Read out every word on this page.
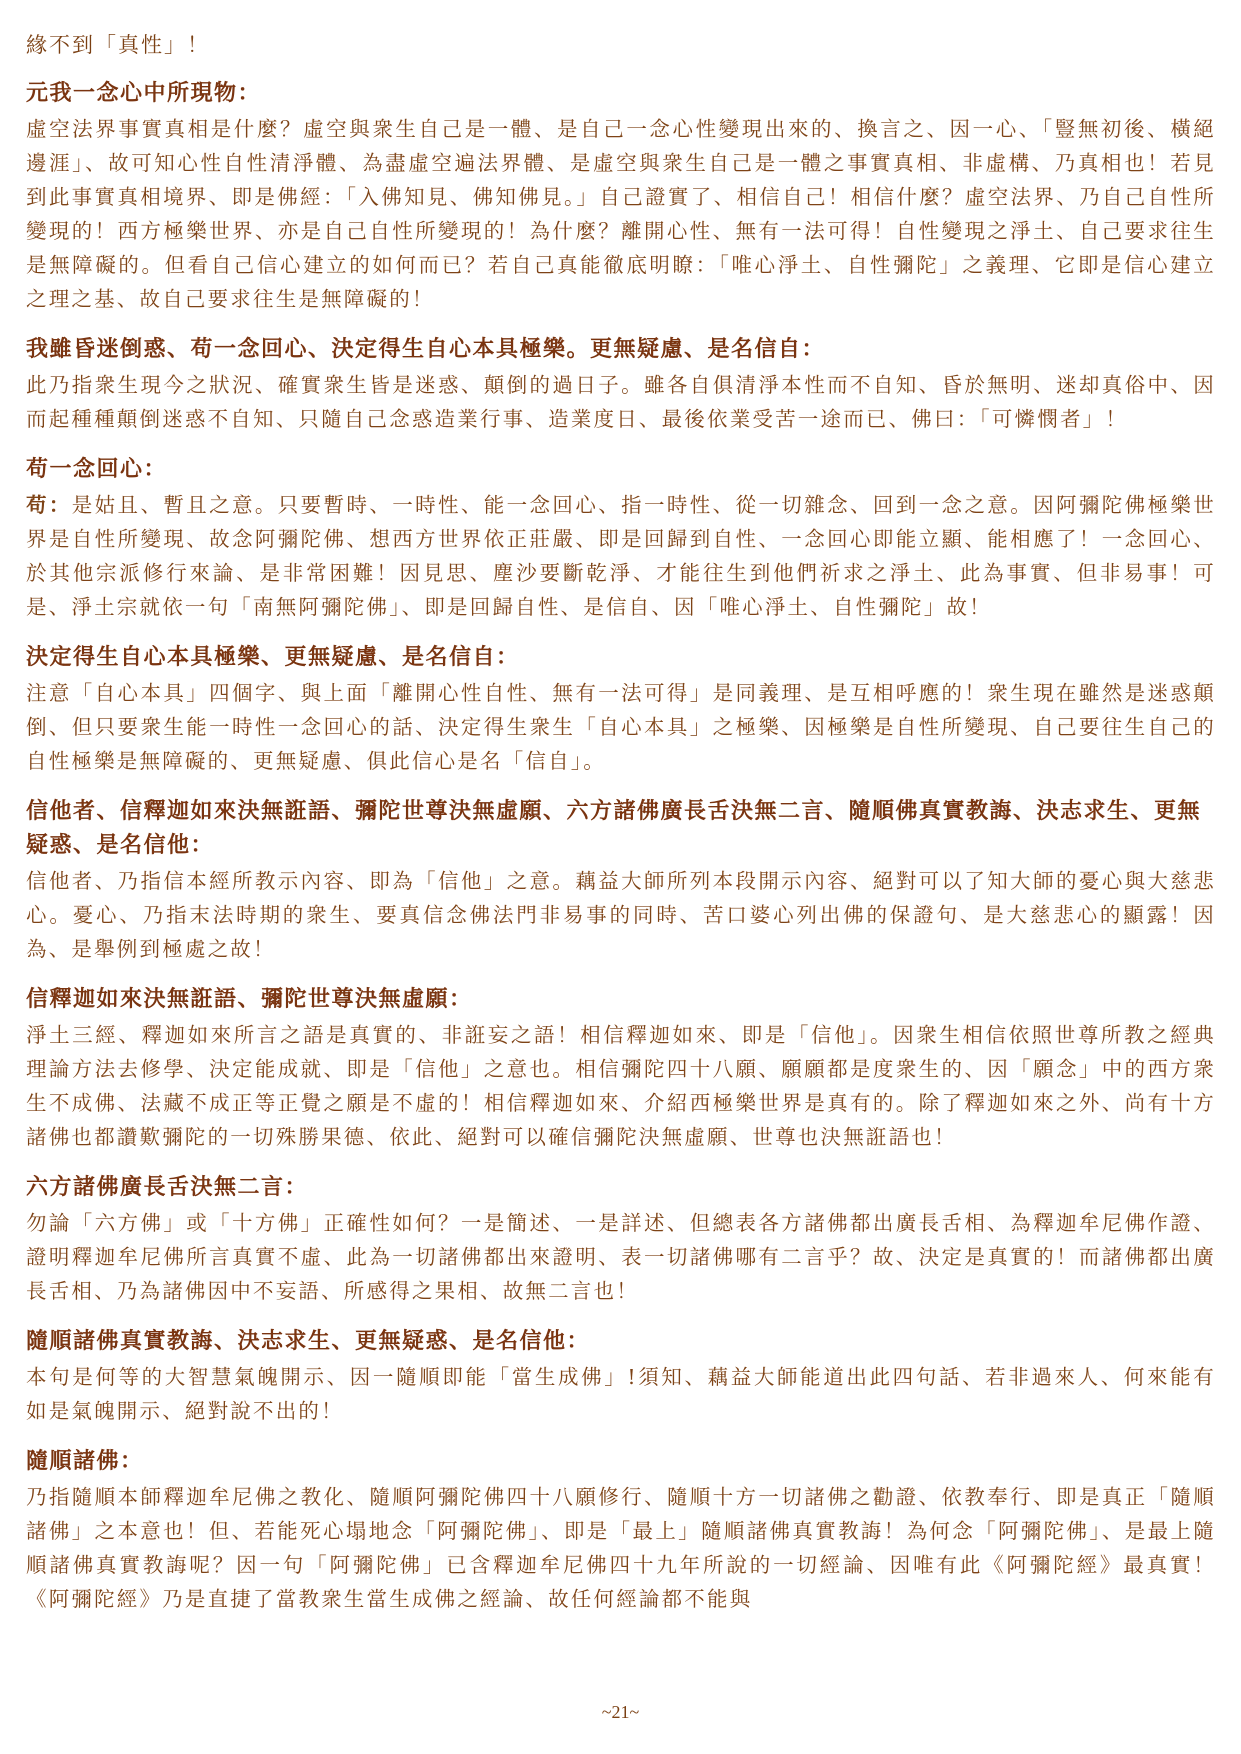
緣不到「真性」！

元我一念心中所現物：

虛空法界事實真相是什麼？虛空與衆生自己是一體、是自己一念心性變現出來的、換言之、因一心、「豎無初後、橫絕邊涯」、故可知心性自性清淨體、為盡虛空遍法界體、是虛空與衆生自己是一體之事實真相、非虛構、乃真相也！若見到此事實真相境界、即是佛經：「入佛知見、佛知佛見。」自己證實了、相信自己！相信什麼？虛空法界、乃自己自性所變現的！西方極樂世界、亦是自己自性所變現的！為什麼？離開心性、無有一法可得！自性變現之淨土、自己要求往生是無障礙的。但看自己信心建立的如何而已？若自己真能徹底明瞭：「唯心淨土、自性彌陀」之義理、它即是信心建立之理之基、故自己要求往生是無障礙的！

我雖昏迷倒惑、苟一念回心、決定得生自心本具極樂。更無疑慮、是名信自：

此乃指衆生現今之狀況、確實衆生皆是迷惑、顛倒的過日子。雖各自俱清淨本性而不自知、昏於無明、迷却真俗中、因而起種種顛倒迷惑不自知、只隨自己念惑造業行事、造業度日、最後依業受苦一途而已、佛曰：「可憐憫者」！

苟一念回心：

苟：是姑且、暫且之意。只要暫時、一時性、能一念回心、指一時性、從一切雜念、回到一念之意。因阿彌陀佛極樂世界是自性所變現、故念阿彌陀佛、想西方世界依正莊嚴、即是回歸到自性、一念回心即能立顯、能相應了！一念回心、於其他宗派修行來論、是非常困難！因見思、塵沙要斷乾淨、才能往生到他們祈求之淨土、此為事實、但非易事！可是、淨土宗就依一句「南無阿彌陀佛」、即是回歸自性、是信自、因「唯心淨土、自性彌陀」故！

決定得生自心本具極樂、更無疑慮、是名信自：

注意「自心本具」四個字、與上面「離開心性自性、無有一法可得」是同義理、是互相呼應的！衆生現在雖然是迷惑顛倒、但只要衆生能一時性一念回心的話、決定得生衆生「自心本具」之極樂、因極樂是自性所變現、自己要往生自己的自性極樂是無障礙的、更無疑慮、俱此信心是名「信自」。

信他者、信釋迦如來決無誑語、彌陀世尊決無虛願、六方諸佛廣長舌決無二言、隨順佛真實教誨、決志求生、更無疑惑、是名信他：

信他者、乃指信本經所教示內容、即為「信他」之意。藕益大師所列本段開示內容、絕對可以了知大師的憂心與大慈悲心。憂心、乃指末法時期的衆生、要真信念佛法門非易事的同時、苦口婆心列出佛的保證句、是大慈悲心的顯露！因為、是舉例到極處之故！

信釋迦如來決無誑語、彌陀世尊決無虛願：

淨土三經、釋迦如來所言之語是真實的、非誑妄之語！相信釋迦如來、即是「信他」。因衆生相信依照世尊所教之經典理論方法去修學、決定能成就、即是「信他」之意也。相信彌陀四十八願、願願都是度衆生的、因「願念」中的西方衆生不成佛、法藏不成正等正覺之願是不虛的！相信釋迦如來、介紹西極樂世界是真有的。除了釋迦如來之外、尚有十方諸佛也都讚歎彌陀的一切殊勝果德、依此、絕對可以確信彌陀決無虛願、世尊也決無誑語也！

六方諸佛廣長舌決無二言：

勿論「六方佛」或「十方佛」正確性如何？一是簡述、一是詳述、但總表各方諸佛都出廣長舌相、為釋迦牟尼佛作證、證明釋迦牟尼佛所言真實不虛、此為一切諸佛都出來證明、表一切諸佛哪有二言乎？故、決定是真實的！而諸佛都出廣長舌相、乃為諸佛因中不妄語、所感得之果相、故無二言也！

隨順諸佛真實教誨、決志求生、更無疑惑、是名信他：

本句是何等的大智慧氣魄開示、因一隨順即能「當生成佛」!須知、藕益大師能道出此四句話、若非過來人、何來能有如是氣魄開示、絕對說不出的！

隨順諸佛：

乃指隨順本師釋迦牟尼佛之教化、隨順阿彌陀佛四十八願修行、隨順十方一切諸佛之勸證、依教奉行、即是真正「隨順諸佛」之本意也！但、若能死心塌地念「阿彌陀佛」、即是「最上」隨順諸佛真實教誨！為何念「阿彌陀佛」、是最上隨順諸佛真實教誨呢？因一句「阿彌陀佛」已含釋迦牟尼佛四十九年所說的一切經論、因唯有此《阿彌陀經》最真實！《阿彌陀經》乃是直捷了當教衆生當生成佛之經論、故任何經論都不能與

~21~
